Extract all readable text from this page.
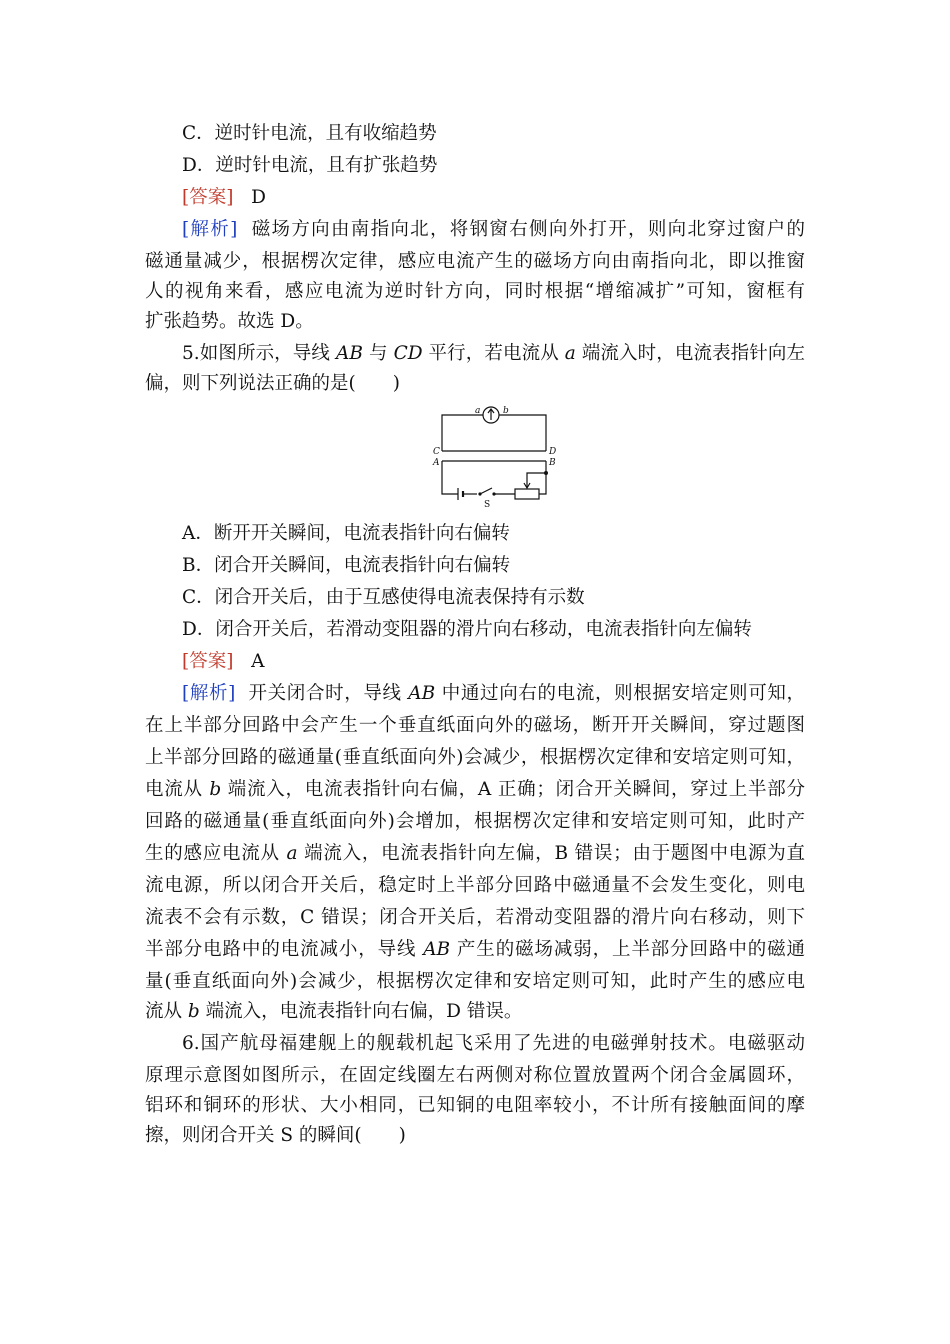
C．逆时针电流，且有收缩趋势
D．逆时针电流，且有扩张趋势
[答案] D
[解析] 磁场方向由南指向北，将钢窗右侧向外打开，则向北穿过窗户的
磁通量减少，根据楞次定律，感应电流产生的磁场方向由南指向北，即以推窗
人的视角来看，感应电流为逆时针方向，同时根据“增缩减扩”可知，窗框有
扩张趋势。故选 D。
5.如图所示，导线 AB 与 CD 平行，若电流从 a 端流入时，电流表指针向左
偏，则下列说法正确的是(　　)
a	b
C	D
A	B
S
A．断开开关瞬间，电流表指针向右偏转
B．闭合开关瞬间，电流表指针向右偏转
C．闭合开关后，由于互感使得电流表保持有示数
D．闭合开关后，若滑动变阻器的滑片向右移动，电流表指针向左偏转
[答案] A
[解析] 开关闭合时，导线 AB 中通过向右的电流，则根据安培定则可知，
在上半部分回路中会产生一个垂直纸面向外的磁场，断开开关瞬间，穿过题图
上半部分回路的磁通量(垂直纸面向外)会减少，根据楞次定律和安培定则可知，
电流从 b 端流入，电流表指针向右偏，A 正确；闭合开关瞬间，穿过上半部分
回路的磁通量(垂直纸面向外)会增加，根据楞次定律和安培定则可知，此时产
生的感应电流从 a 端流入，电流表指针向左偏，B 错误；由于题图中电源为直
流电源，所以闭合开关后，稳定时上半部分回路中磁通量不会发生变化，则电
流表不会有示数，C 错误；闭合开关后，若滑动变阻器的滑片向右移动，则下
半部分电路中的电流减小，导线 AB 产生的磁场减弱，上半部分回路中的磁通
量(垂直纸面向外)会减少，根据楞次定律和安培定则可知，此时产生的感应电
流从 b 端流入，电流表指针向右偏，D 错误。
6.国产航母福建舰上的舰载机起飞采用了先进的电磁弹射技术。电磁驱动
原理示意图如图所示，在固定线圈左右两侧对称位置放置两个闭合金属圆环，
铝环和铜环的形状、大小相同，已知铜的电阻率较小，不计所有接触面间的摩
擦，则闭合开关 S 的瞬间(　　)
